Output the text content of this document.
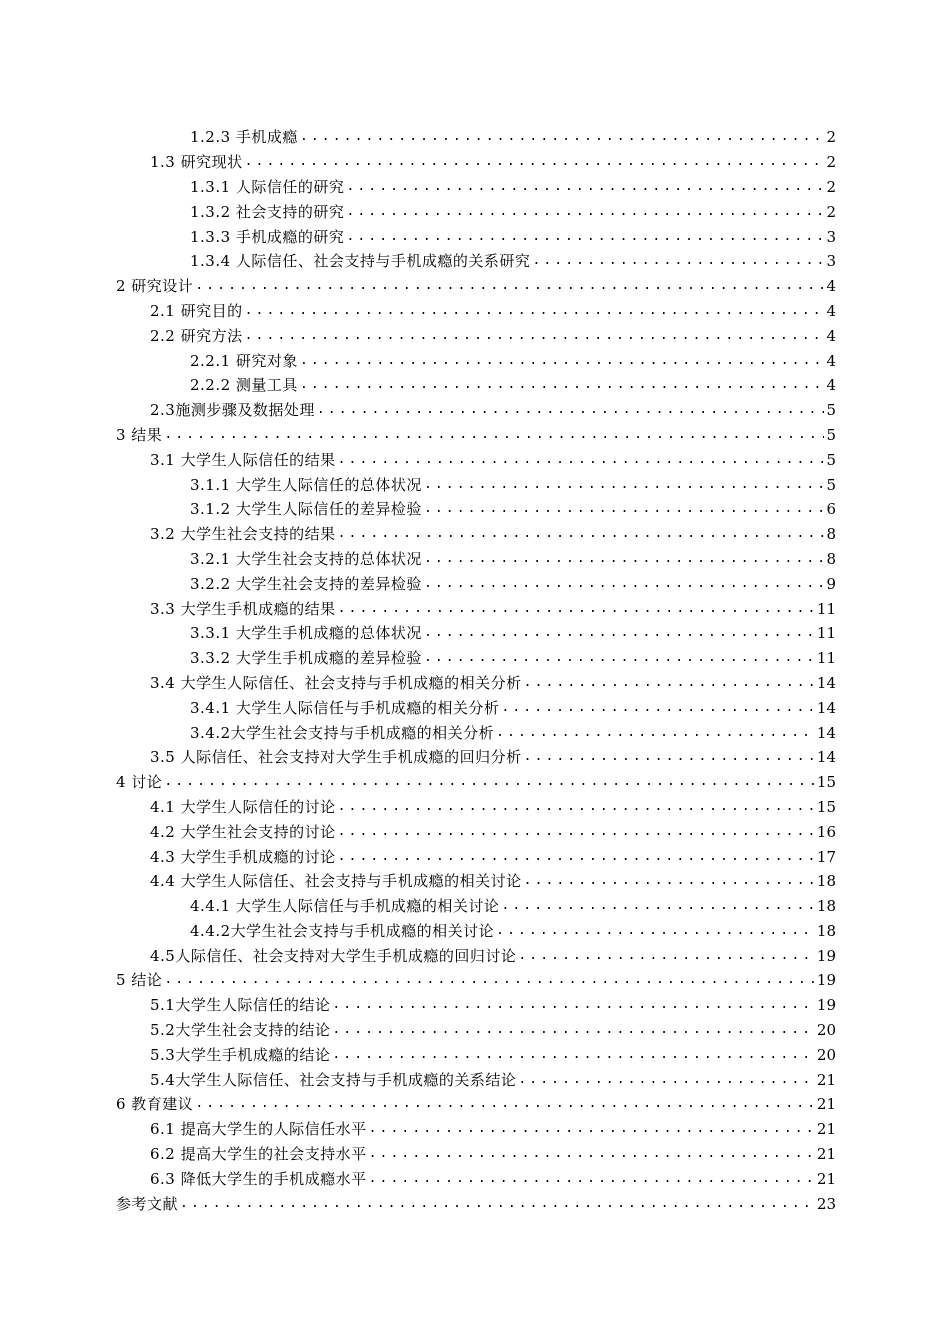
1.2.3 手机成瘾 .....	2
1.3 研究现状 .....	2
1.3.1 人际信任的研究 .....	2
1.3.2 社会支持的研究 .....	2
1.3.3 手机成瘾的研究 .....	3
1.3.4 人际信任、社会支持与手机成瘾的关系研究 .....	3
2 研究设计 .....	4
2.1 研究目的 .....	4
2.2 研究方法 .....	4
2.2.1 研究对象 .....	4
2.2.2 测量工具 .....	4
2.3施测步骤及数据处理 .....	5
3 结果 .....	5
3.1 大学生人际信任的结果 .....	5
3.1.1 大学生人际信任的总体状况 .....	5
3.1.2 大学生人际信任的差异检验 .....	6
3.2 大学生社会支持的结果 .....	8
3.2.1 大学生社会支持的总体状况 .....	8
3.2.2 大学生社会支持的差异检验 .....	9
3.3 大学生手机成瘾的结果 .....	11
3.3.1 大学生手机成瘾的总体状况 .....	11
3.3.2 大学生手机成瘾的差异检验 .....	11
3.4 大学生人际信任、社会支持与手机成瘾的相关分析 .....	14
3.4.1 大学生人际信任与手机成瘾的相关分析 .....	14
3.4.2大学生社会支持与手机成瘾的相关分析 .....	14
3.5 人际信任、社会支持对大学生手机成瘾的回归分析 .....	14
4 讨论 .....	15
4.1 大学生人际信任的讨论 .....	15
4.2 大学生社会支持的讨论 .....	16
4.3 大学生手机成瘾的讨论 .....	17
4.4 大学生人际信任、社会支持与手机成瘾的相关讨论 .....	18
4.4.1 大学生人际信任与手机成瘾的相关讨论 .....	18
4.4.2大学生社会支持与手机成瘾的相关讨论 .....	18
4.5人际信任、社会支持对大学生手机成瘾的回归讨论 .....	19
5 结论 .....	19
5.1大学生人际信任的结论 .....	19
5.2大学生社会支持的结论 .....	20
5.3大学生手机成瘾的结论 .....	20
5.4大学生人际信任、社会支持与手机成瘾的关系结论 .....	21
6 教育建议 .....	21
6.1 提高大学生的人际信任水平 .....	21
6.2 提高大学生的社会支持水平 .....	21
6.3 降低大学生的手机成瘾水平 .....	21
参考文献 .....	23
